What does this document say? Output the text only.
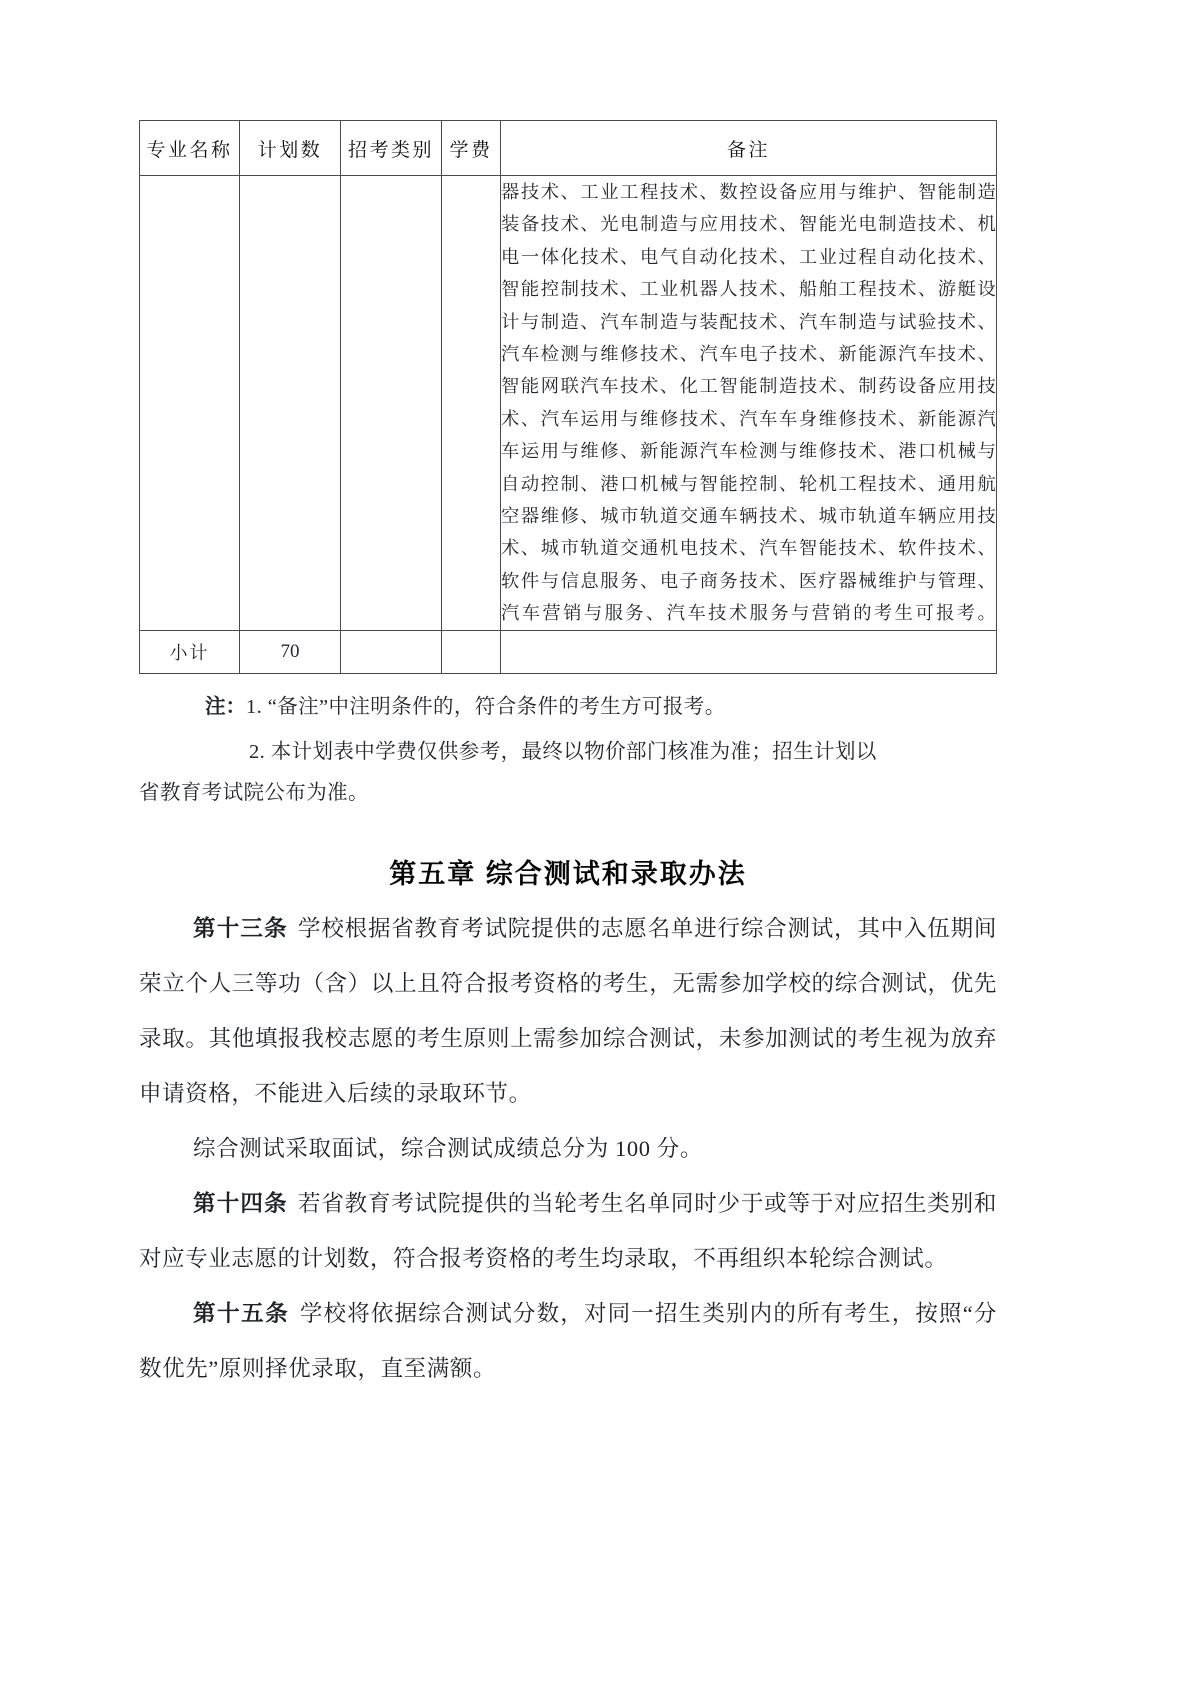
专业名称	计划数	招考类别	学费	备注

器技术、工业工程技术、数控设备应用与维护、智能制造

装备技术、光电制造与应用技术、智能光电制造技术、机

电一体化技术、电气自动化技术、工业过程自动化技术、

智能控制技术、工业机器人技术、船舶工程技术、游艇设

计与制造、汽车制造与装配技术、汽车制造与试验技术、

汽车检测与维修技术、汽车电子技术、新能源汽车技术、

智能网联汽车技术、化工智能制造技术、制药设备应用技

术、汽车运用与维修技术、汽车车身维修技术、新能源汽

车运用与维修、新能源汽车检测与维修技术、港口机械与

自动控制、港口机械与智能控制、轮机工程技术、通用航

空器维修、城市轨道交通车辆技术、城市轨道车辆应用技

术、城市轨道交通机电技术、汽车智能技术、软件技术、

软件与信息服务、电子商务技术、医疗器械维护与管理、

汽车营销与服务、汽车技术服务与营销的考生可报考。

小计	70			
注：1. “备注”中注明条件的，符合条件的考生方可报考。
2. 本计划表中学费仅供参考，最终以物价部门核准为准；招生计划以
省教育考试院公布为准。
第五章 综合测试和录取办法

第十三条 学校根据省教育考试院提供的志愿名单进行综合测试，其中入伍期间荣立个人三等功（含）以上且符合报考资格的考生，无需参加学校的综合测试，优先录取。其他填报我校志愿的考生原则上需参加综合测试，未参加测试的考生视为放弃申请资格，不能进入后续的录取环节。

综合测试采取面试，综合测试成绩总分为 100 分。

第十四条 若省教育考试院提供的当轮考生名单同时少于或等于对应招生类别和对应专业志愿的计划数，符合报考资格的考生均录取，不再组织本轮综合测试。

第十五条 学校将依据综合测试分数，对同一招生类别内的所有考生，按照“分数优先”原则择优录取，直至满额。
